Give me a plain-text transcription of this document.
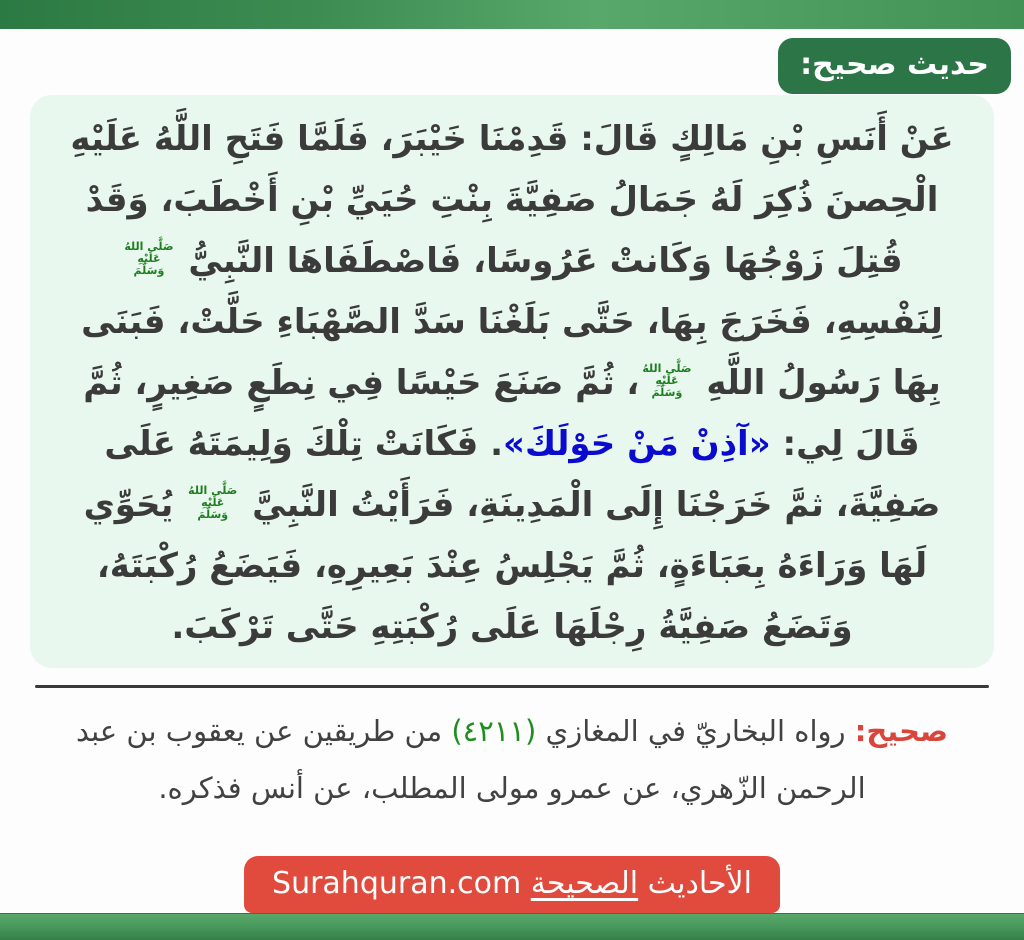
حديث صحيح:
عَنْ أَنَسِ بْنِ مَالِكٍ قَالَ: قَدِمْنَا خَيْبَرَ، فَلَمَّا فَتَحِ اللَّهُ عَلَيْهِ الْحِصنَ ذُكِرَ لَهُ جَمَالُ صَفِيَّةَ بِنْتِ حُيَيِّ بْنِ أَخْطَبَ، وَقَدْ قُتِلَ زَوْجُهَا وَكَانتْ عَرُوسًا، فَاصْطَفَاهَا النَّبِيُّ
صَلَّى اللهُ
عَلَيْهِ
وَسَلَّمَ
لِنَفْسِهِ، فَخَرَجَ بِهَا، حَتَّى بَلَغْنَا سَدَّ الصَّهْبَاءِ حَلَّتْ، فَبَنَى بِهَا رَسُولُ اللَّهِ
صَلَّى اللهُ
عَلَيْهِ
وَسَلَّمَ
، ثُمَّ صَنَعَ حَيْسًا فِي نِطَعٍ صَغِيرٍ، ثُمَّ قَالَ لِي: «آذِنْ مَنْ حَوْلَكَ». فَكَانَتْ تِلْكَ وَلِيمَتَهُ عَلَى صَفِيَّةَ، ثمَّ خَرَجْنَا إِلَى الْمَدِينَةِ، فَرَأَيْتُ النَّبِيَّ
صَلَّى اللهُ
عَلَيْهِ
وَسَلَّمَ
يُحَوِّي لَهَا وَرَاءَهُ بِعَبَاءَةٍ، ثُمَّ يَجْلِسُ عِنْدَ بَعِيرِهِ، فَيَضَعُ رُكْبَتَهُ، وَتَضَعُ صَفِيَّةُ رِجْلَهَا عَلَى رُكْبَتِهِ حَتَّى تَرْكَبَ.
صحيح: رواه البخاريّ في المغازي (٤٢١١) من طريقين عن يعقوب بن عبد الرحمن الزّهري، عن عمرو مولى المطلب، عن أنس فذكره.
الأحاديث الصحيحة Surahquran.com
